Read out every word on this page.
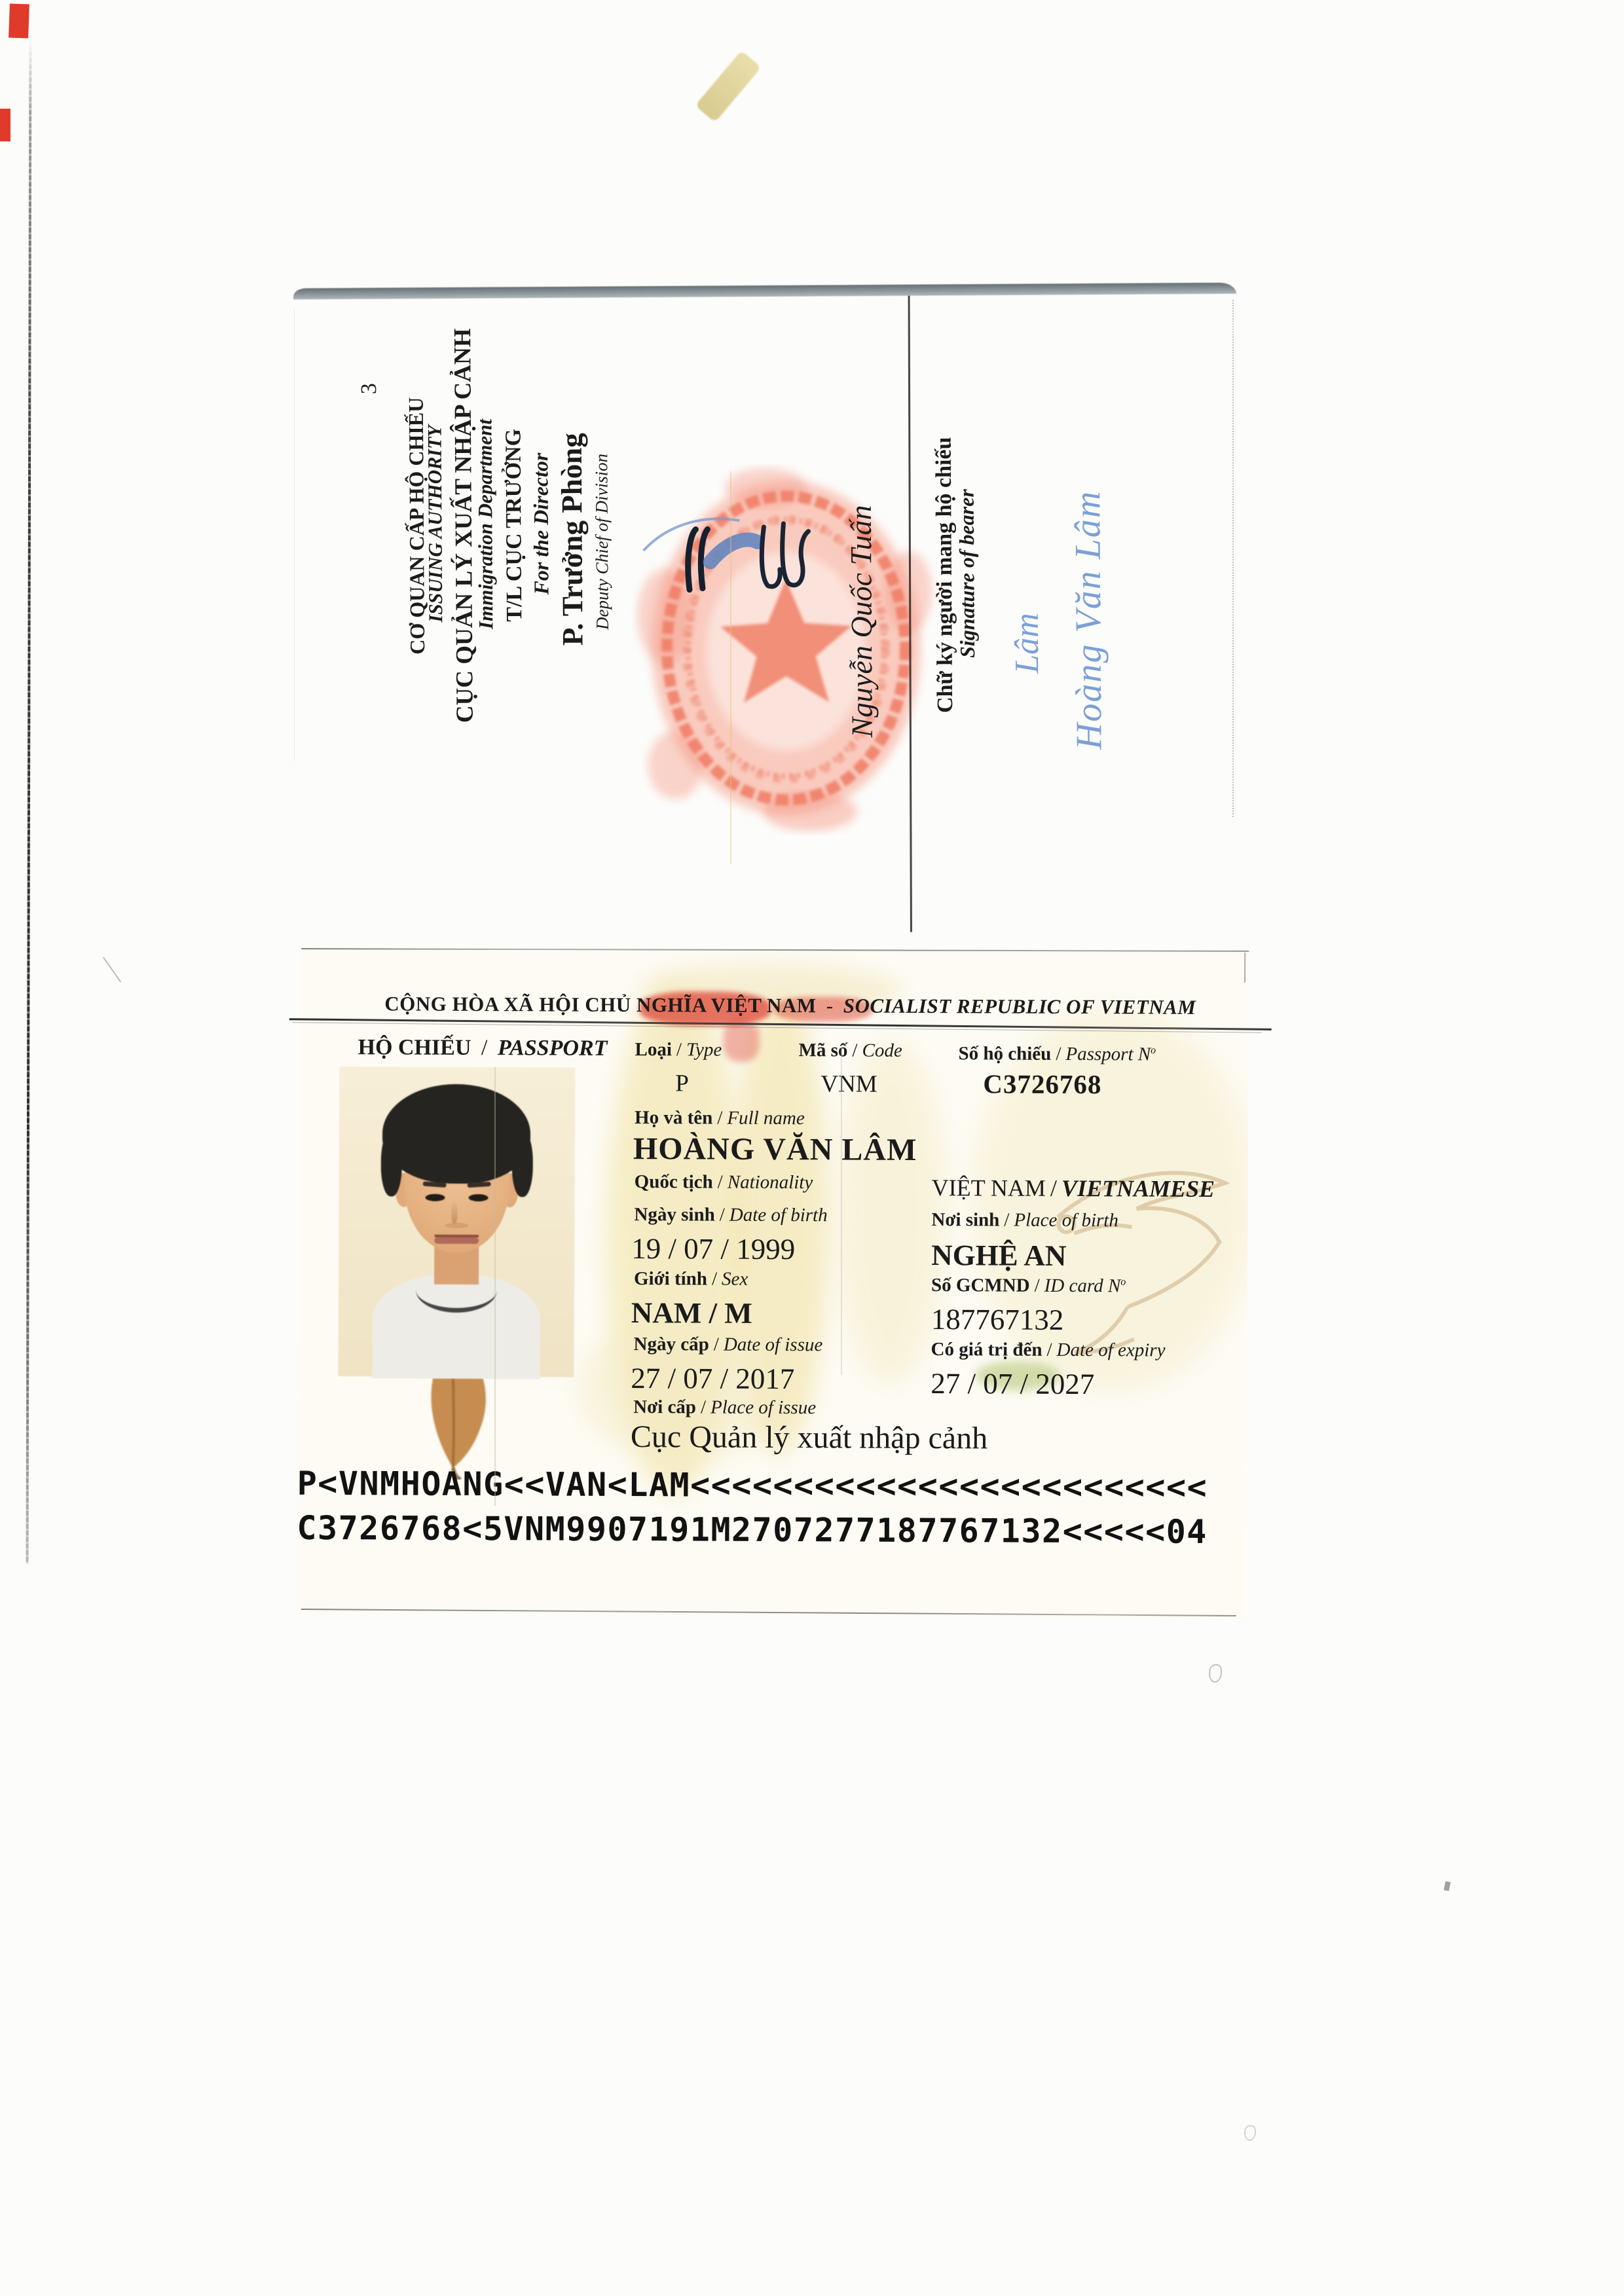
3
CƠ QUAN CẤP HỘ CHIẾU
ISSUING AUTHORITY CỤC QUẢN LÝ XUẤT NHẬP CẢNH
Immigration Department T/L CỤC TRƯỞNG For the Director P. Trưởng Phòng Deputy Chief of Division	Nguyễn Quốc Tuấn Chữ ký người mang hộ chiếu
Signature of bearer Lâm Hoàng Văn Lâm
CỘNG HÒA XÃ HỘI CHỦ NGHĨA VIỆT NAM - SOCIALIST REPUBLIC OF VIETNAM
HỘ CHIẾU / PASSPORT Loại / Type	Mã số / Code	Số hộ chiếu / Passport $N^o$
P	VNM	C3726768
Họ và tên / Full name
HOÀNG VĂN LÂM
Quốc tịch / Nationality	VIỆT NAM / VIETNAMESE
Ngày sinh / Date of birth	Nơi sinh / Place of birth
19 / 07 / 1999	NGHỆ AN
Giới tính / Sex	Số GCMND / ID card $N^o$
NAM / M	187767132
Ngày cấp / Date of issue	Có giá trị đến / Date of expiry
27 / 07 / 2017	27 / 07 / 2027
Nơi cấp / Place of issue
Cục Quản lý xuất nhập cảnh
P<VNMHOANG<<VAN<LAM<<<<<<<<<<<<<<<<<<<<<<<<<
C3726768<5VNM9907191M2707277187767132<<<<<04
